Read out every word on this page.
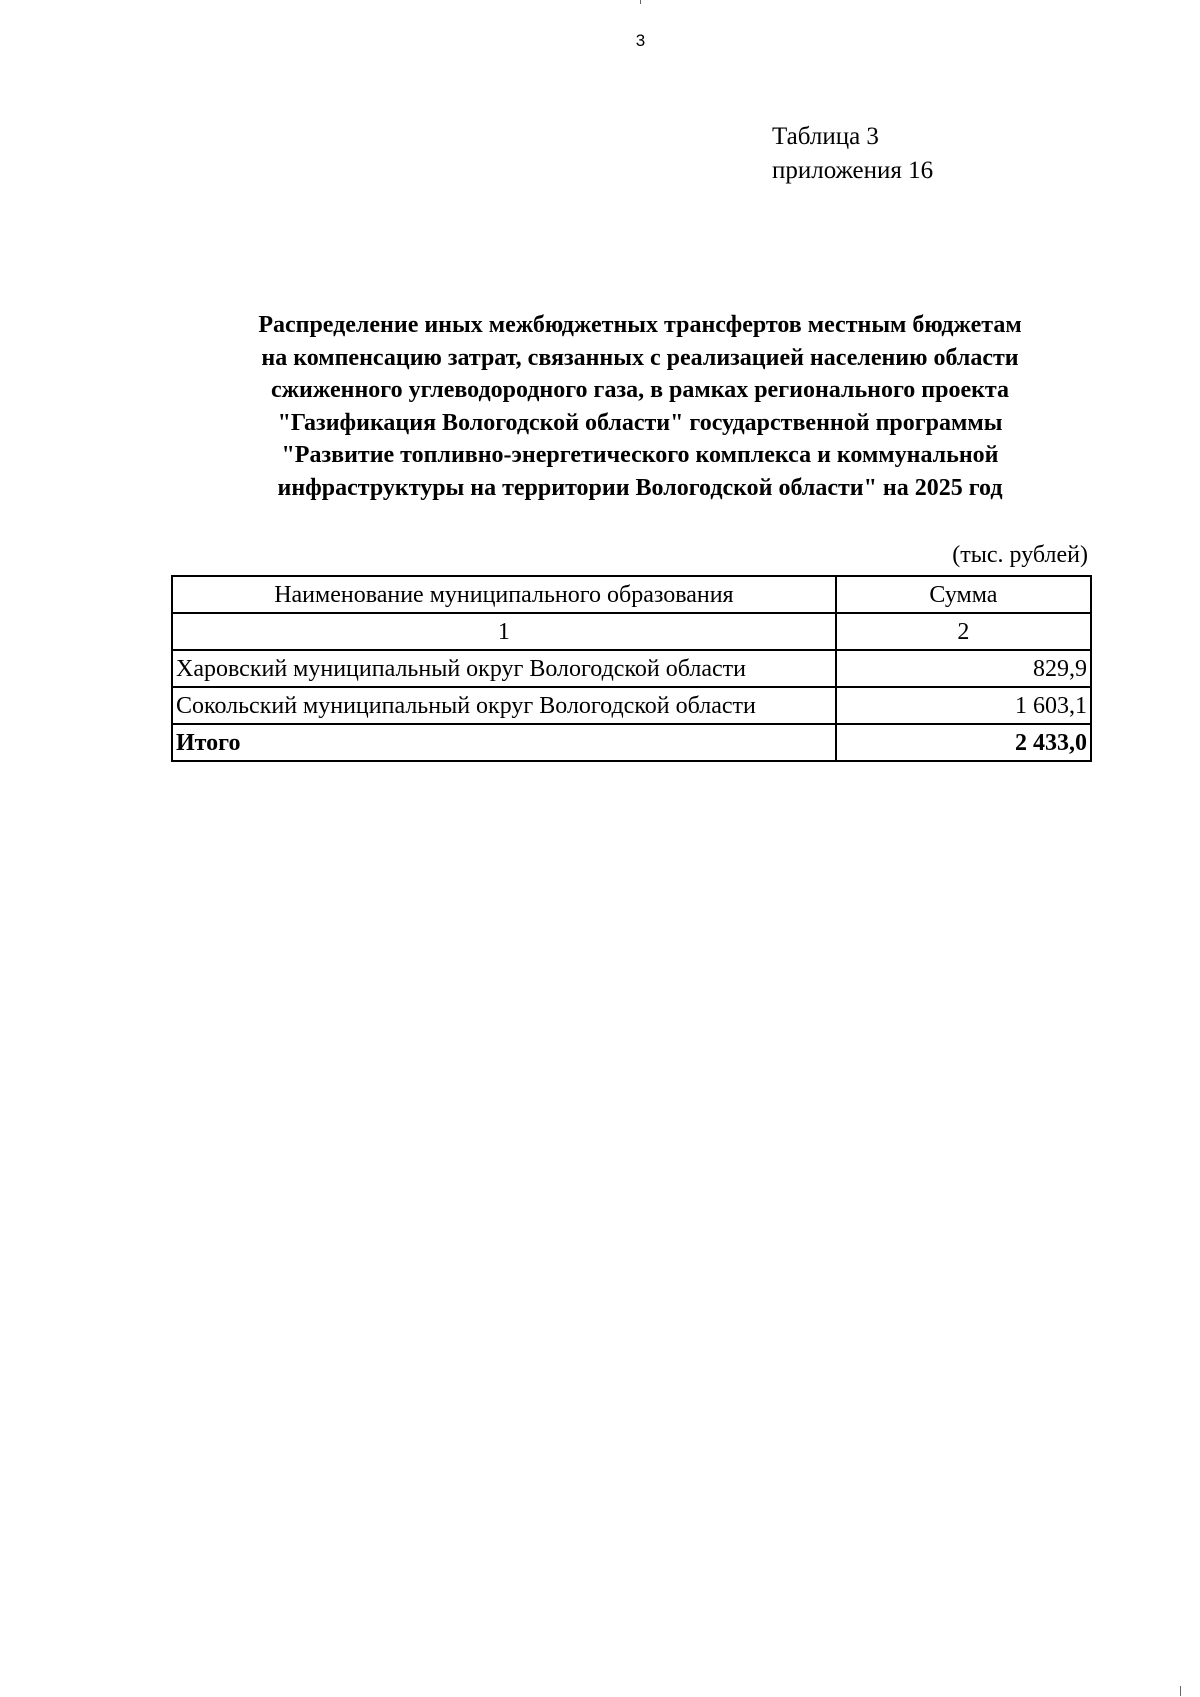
3
Таблица 3
приложения 16
Распределение иных межбюджетных трансфертов местным бюджетам
на компенсацию затрат, связанных с реализацией населению области
сжиженного углеводородного газа, в рамках регионального проекта
"Газификация Вологодской области" государственной программы
"Развитие топливно-энергетического комплекса и коммунальной
инфраструктуры на территории Вологодской области" на 2025 год
(тыс. рублей)
Наименование муниципального образования	Сумма
1	2
Харовский муниципальный округ Вологодской области	829,9
Сокольский муниципальный округ Вологодской области	1 603,1
Итого	2 433,0
